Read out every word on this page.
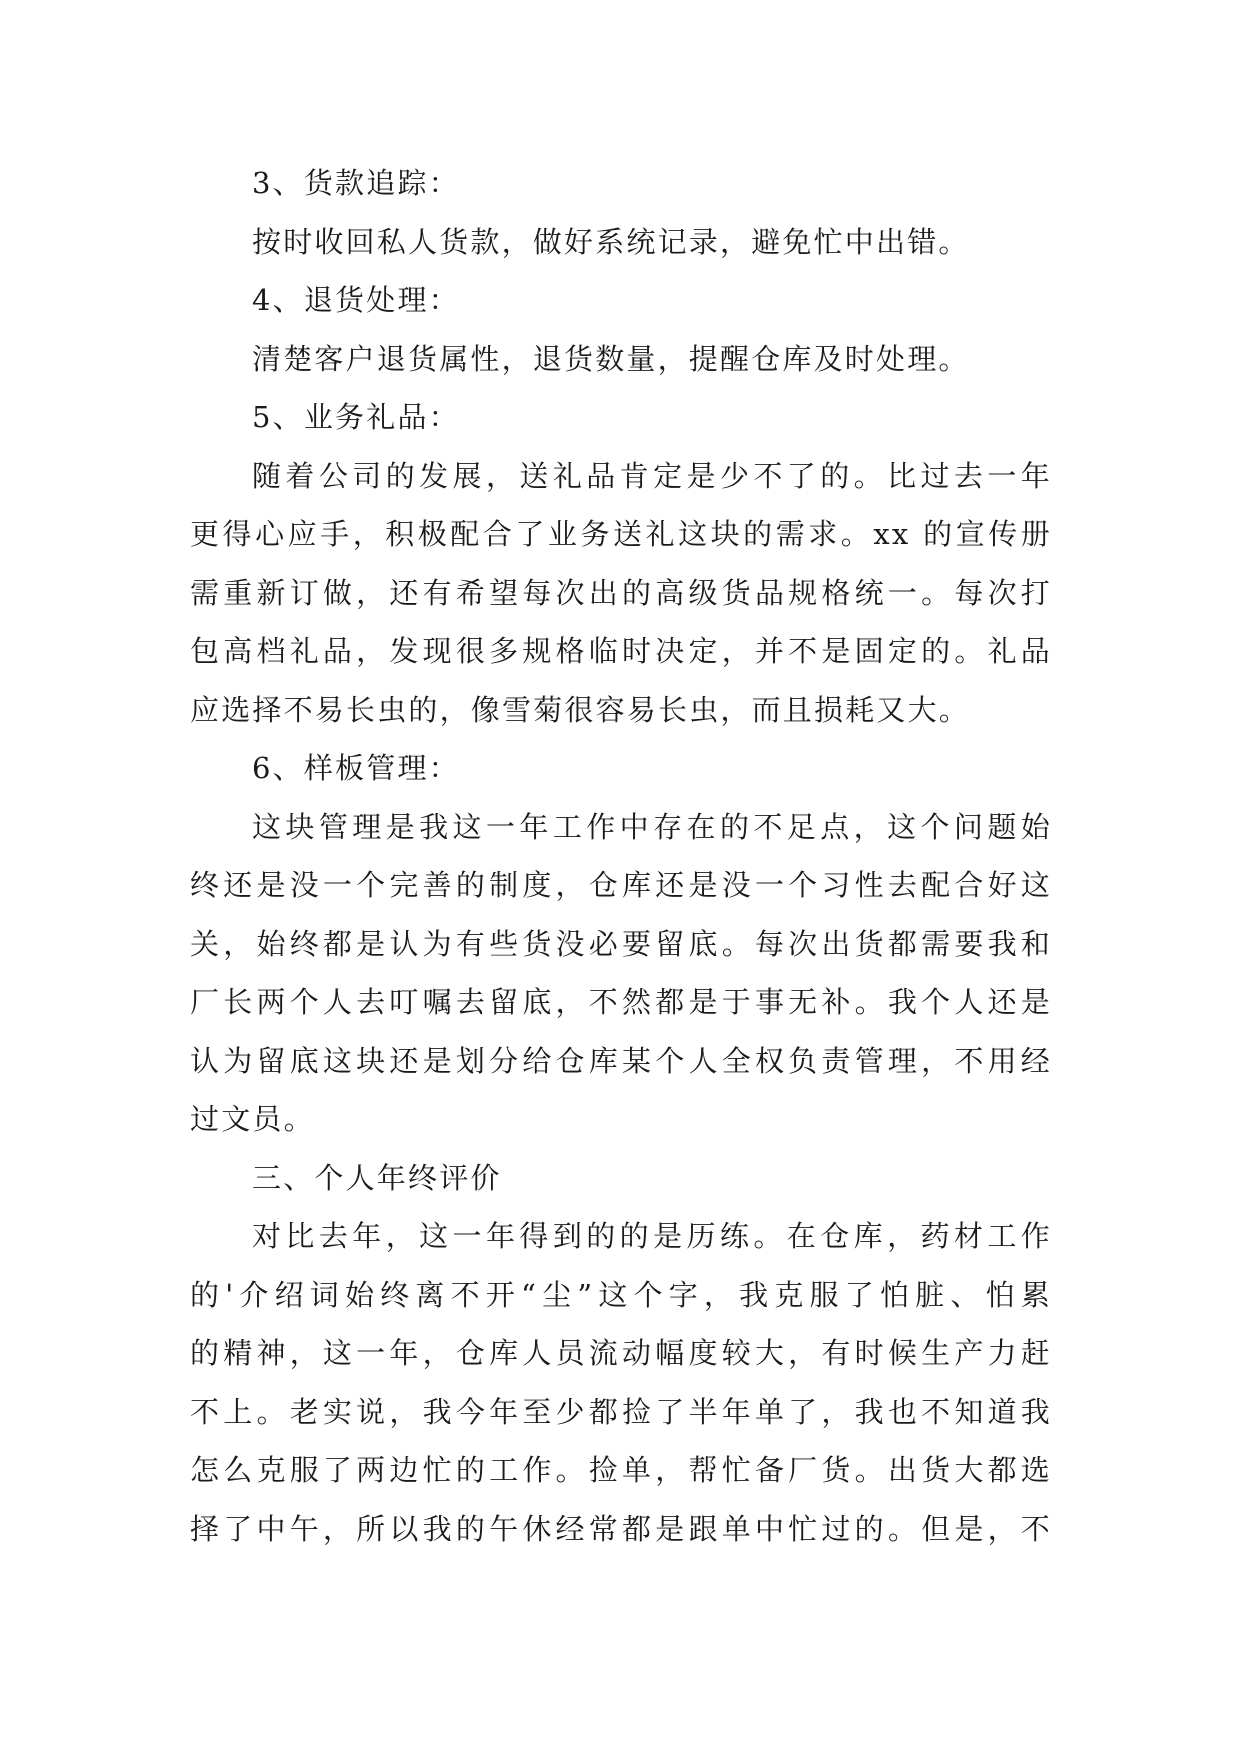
3、货款追踪：
按时收回私人货款，做好系统记录，避免忙中出错。
4、退货处理：
清楚客户退货属性，退货数量，提醒仓库及时处理。
5、业务礼品：
随着公司的发展，送礼品肯定是少不了的。比过去一年
更得心应手，积极配合了业务送礼这块的需求。xx 的宣传册
需重新订做，还有希望每次出的高级货品规格统一。每次打
包高档礼品，发现很多规格临时决定，并不是固定的。礼品
应选择不易长虫的，像雪菊很容易长虫，而且损耗又大。
6、样板管理：
这块管理是我这一年工作中存在的不足点，这个问题始
终还是没一个完善的制度，仓库还是没一个习性去配合好这
关，始终都是认为有些货没必要留底。每次出货都需要我和
厂长两个人去叮嘱去留底，不然都是于事无补。我个人还是
认为留底这块还是划分给仓库某个人全权负责管理，不用经
过文员。
三、个人年终评价
对比去年，这一年得到的的是历练。在仓库，药材工作
的'介绍词始终离不开“尘”这个字，我克服了怕脏、怕累
的精神，这一年，仓库人员流动幅度较大，有时候生产力赶
不上。老实说，我今年至少都捡了半年单了，我也不知道我
怎么克服了两边忙的工作。捡单，帮忙备厂货。出货大都选
择了中午，所以我的午休经常都是跟单中忙过的。但是，不
